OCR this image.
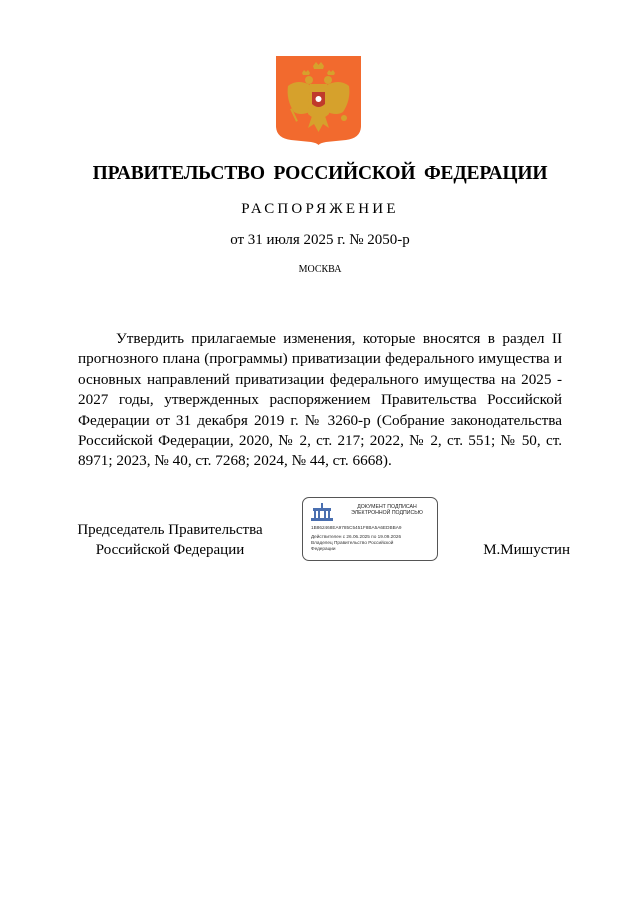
ПРАВИТЕЛЬСТВО РОССИЙСКОЙ ФЕДЕРАЦИИ
РАСПОРЯЖЕНИЕ
от 31 июля 2025 г. № 2050-р
МОСКВА

Утвердить прилагаемые изменения, которые вносятся в раздел II прогнозного плана (программы) приватизации федерального имущества и основных направлений приватизации федерального имущества на 2025 - 2027 годы, утвержденных распоряжением Правительства Российской Федерации от 31 декабря 2019 г. № 3260-р (Собрание законодательства Российской Федерации, 2020, № 2, ст. 217; 2022, № 2, ст. 551; № 50, ст. 8971; 2023, № 40, ст. 7268; 2024, № 44, ст. 6668).

Председатель Правительства
Российской Федерации
ДОКУМЕНТ ПОДПИСАН
ЭЛЕКТРОННОЙ ПОДПИСЬЮ
1B862468EA9785C5451F8BA5A6EDBBA9
Действителен с 26.06.2025 по 19.09.2026
Владелец Правительство Российской
Федерации	М.Мишустин
